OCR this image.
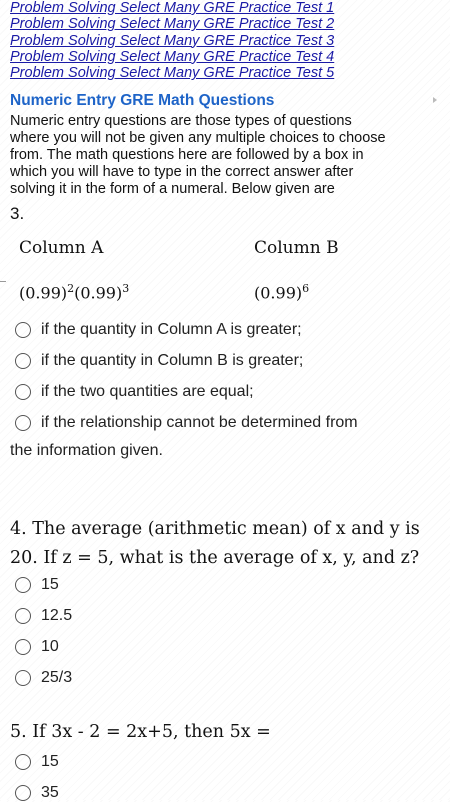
Problem Solving Select Many GRE Practice Test 1
Problem Solving Select Many GRE Practice Test 2
Problem Solving Select Many GRE Practice Test 3
Problem Solving Select Many GRE Practice Test 4
Problem Solving Select Many GRE Practice Test 5
Numeric Entry GRE Math Questions
Numeric entry questions are those types of questions
where you will not be given any multiple choices to choose
from. The math questions here are followed by a box in
which you will have to type in the correct answer after
solving it in the form of a numeral. Below given are
3.
Column A	Column B
$(0.99)^2(0.99)^3$	$(0.99)^6$
if the quantity in Column A is greater;
if the quantity in Column B is greater;
if the two quantities are equal;
if the relationship cannot be determined from
the information given.
4. The average (arithmetic mean) of x and y is 20. If z = 5, what is the average of x, y, and z?
15
12.5
10
25/3
5. If 3x - 2 = 2x+5, then 5x =
15
35
